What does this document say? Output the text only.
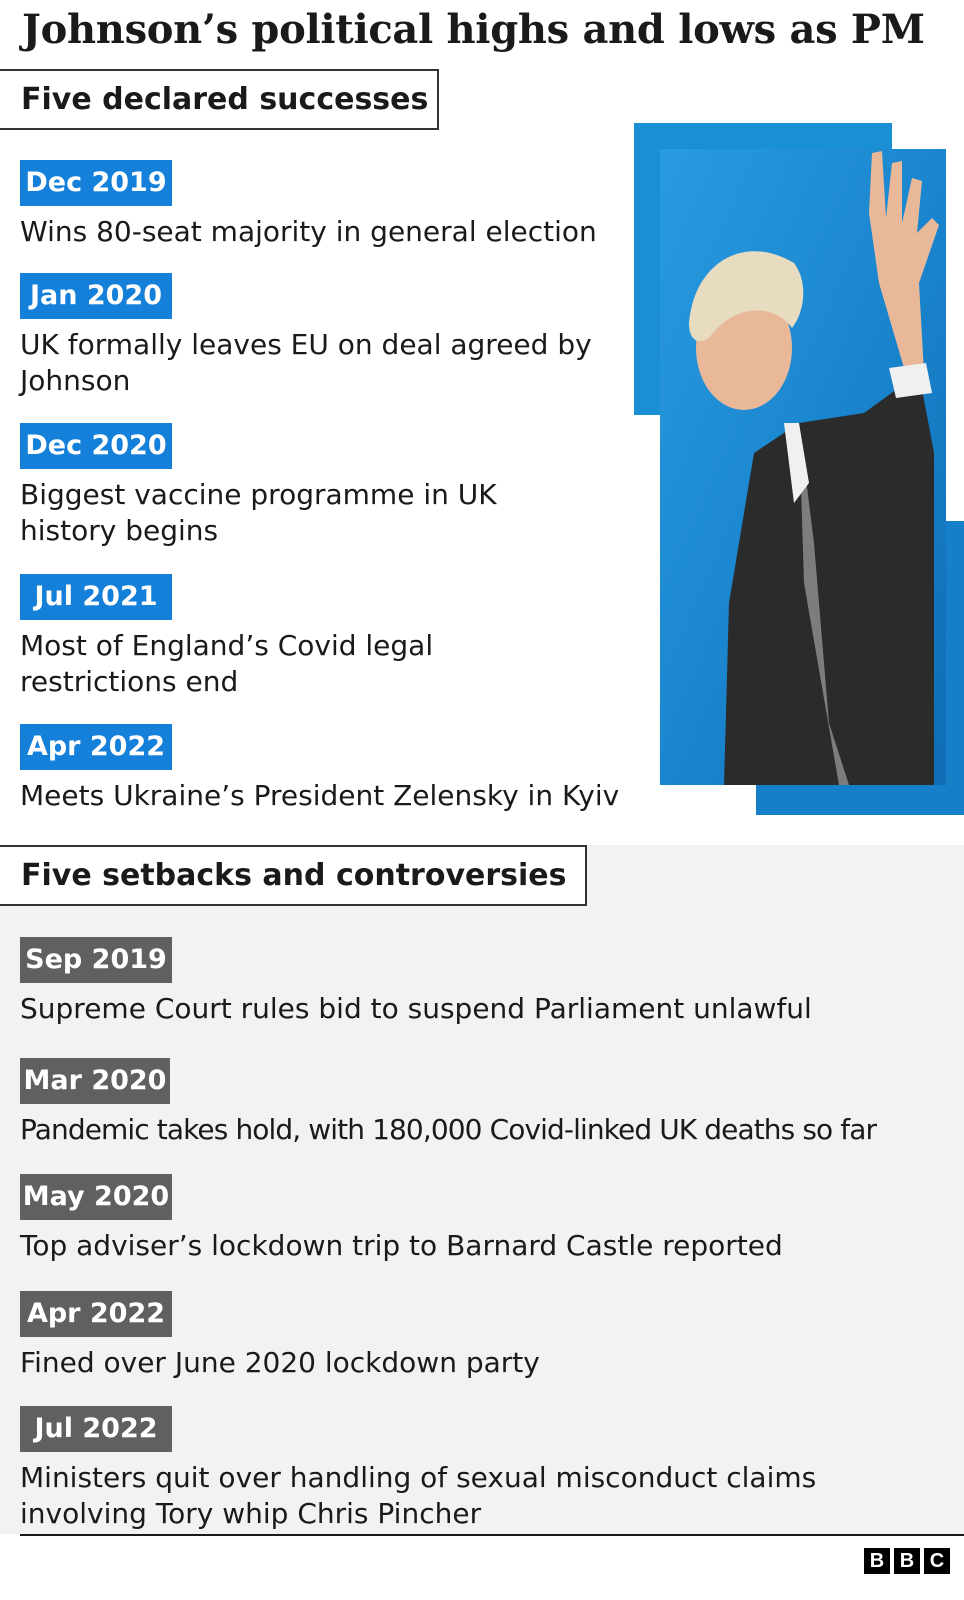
Johnson’s political highs and lows as PM
Five declared successes
Dec 2019

Wins 80-seat majority in general election

Jan 2020

UK formally leaves EU on deal agreed by Johnson

Dec 2020

Biggest vaccine programme in UK history begins

Jul 2021

Most of England’s Covid legal restrictions end

Apr 2022

Meets Ukraine’s President Zelensky in Kyiv

Five setbacks and controversies
Sep 2019

Supreme Court rules bid to suspend Parliament unlawful

Mar 2020

Pandemic takes hold, with 180,000 Covid-linked UK deaths so far

May 2020

Top adviser’s lockdown trip to Barnard Castle reported

Apr 2022

Fined over June 2020 lockdown party

Jul 2022

Ministers quit over handling of sexual misconduct claims involving Tory whip Chris Pincher

B B C
